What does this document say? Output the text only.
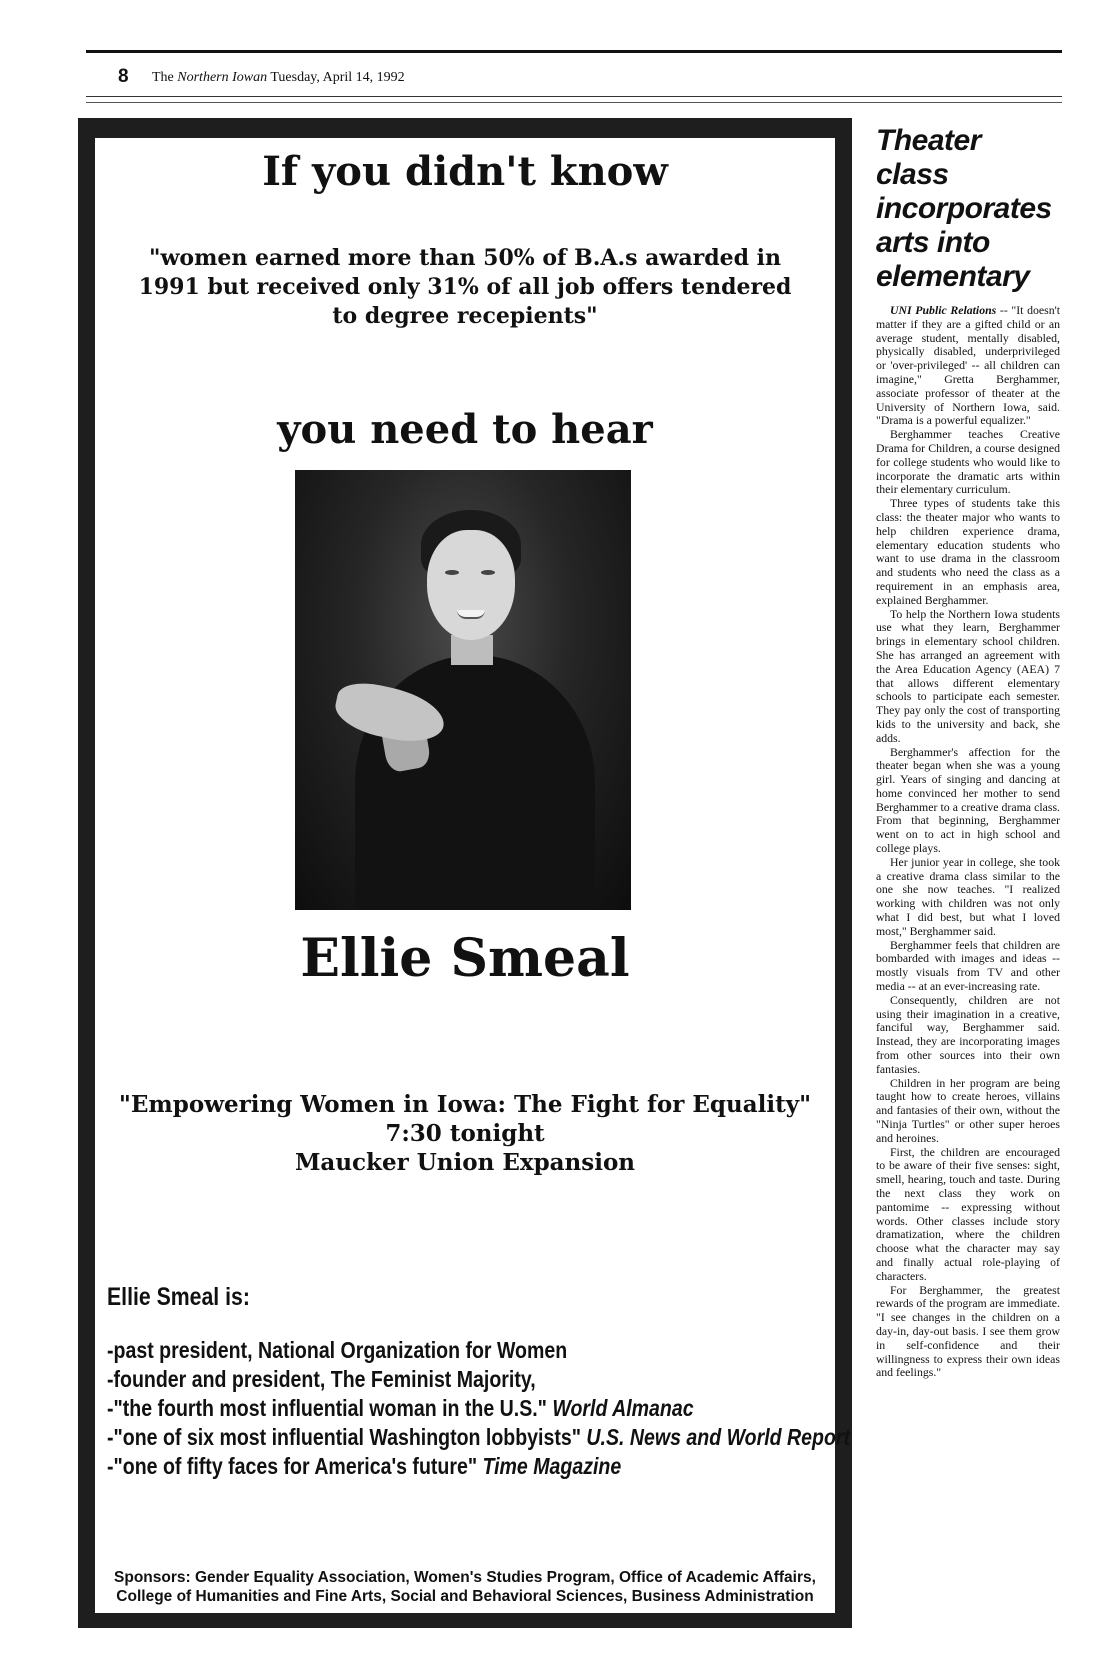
8 The Northern Iowan Tuesday, April 14, 1992
If you didn't know
"women earned more than 50% of B.A.s awarded in 1991 but received only 31% of all job offers tendered to degree recepients"
you need to hear
Ellie Smeal
"Empowering Women in Iowa: The Fight for Equality"
7:30 tonight
Maucker Union Expansion
Ellie Smeal is:
-past president, National Organization for Women
-founder and president, The Feminist Majority,
-"the fourth most influential woman in the U.S." World Almanac
-"one of six most influential Washington lobbyists" U.S. News and World Report
-"one of fifty faces for America's future" Time Magazine
Sponsors: Gender Equality Association, Women's Studies Program, Office of Academic Affairs,
College of Humanities and Fine Arts, Social and Behavioral Sciences, Business Administration
Theater class incorporates arts into elementary

UNI Public Relations -- "It doesn't matter if they are a gifted child or an average student, mentally disabled, physically disabled, underprivileged or 'over-privileged' -- all children can imagine," Gretta Berghammer, associate professor of theater at the University of Northern Iowa, said. "Drama is a powerful equalizer."

Berghammer teaches Creative Drama for Children, a course designed for college students who would like to incorporate the dramatic arts within their elementary curriculum.

Three types of students take this class: the theater major who wants to help children experience drama, elementary education students who want to use drama in the classroom and students who need the class as a requirement in an emphasis area, explained Berghammer.

To help the Northern Iowa students use what they learn, Berghammer brings in elementary school children. She has arranged an agreement with the Area Education Agency (AEA) 7 that allows different elementary schools to participate each semester. They pay only the cost of transporting kids to the university and back, she adds.

Berghammer's affection for the theater began when she was a young girl. Years of singing and dancing at home convinced her mother to send Berghammer to a creative drama class. From that beginning, Berghammer went on to act in high school and college plays.

Her junior year in college, she took a creative drama class similar to the one she now teaches. "I realized working with children was not only what I did best, but what I loved most," Berghammer said.

Berghammer feels that children are bombarded with images and ideas -- mostly visuals from TV and other media -- at an ever-increasing rate.

Consequently, children are not using their imagination in a creative, fanciful way, Berghammer said. Instead, they are incorporating images from other sources into their own fantasies.

Children in her program are being taught how to create heroes, villains and fantasies of their own, without the "Ninja Turtles" or other super heroes and heroines.

First, the children are encouraged to be aware of their five senses: sight, smell, hearing, touch and taste. During the next class they work on pantomime -- expressing without words. Other classes include story dramatization, where the children choose what the character may say and finally actual role-playing of characters.

For Berghammer, the greatest rewards of the program are immediate. "I see changes in the children on a day-in, day-out basis. I see them grow in self-confidence and their willingness to express their own ideas and feelings."
